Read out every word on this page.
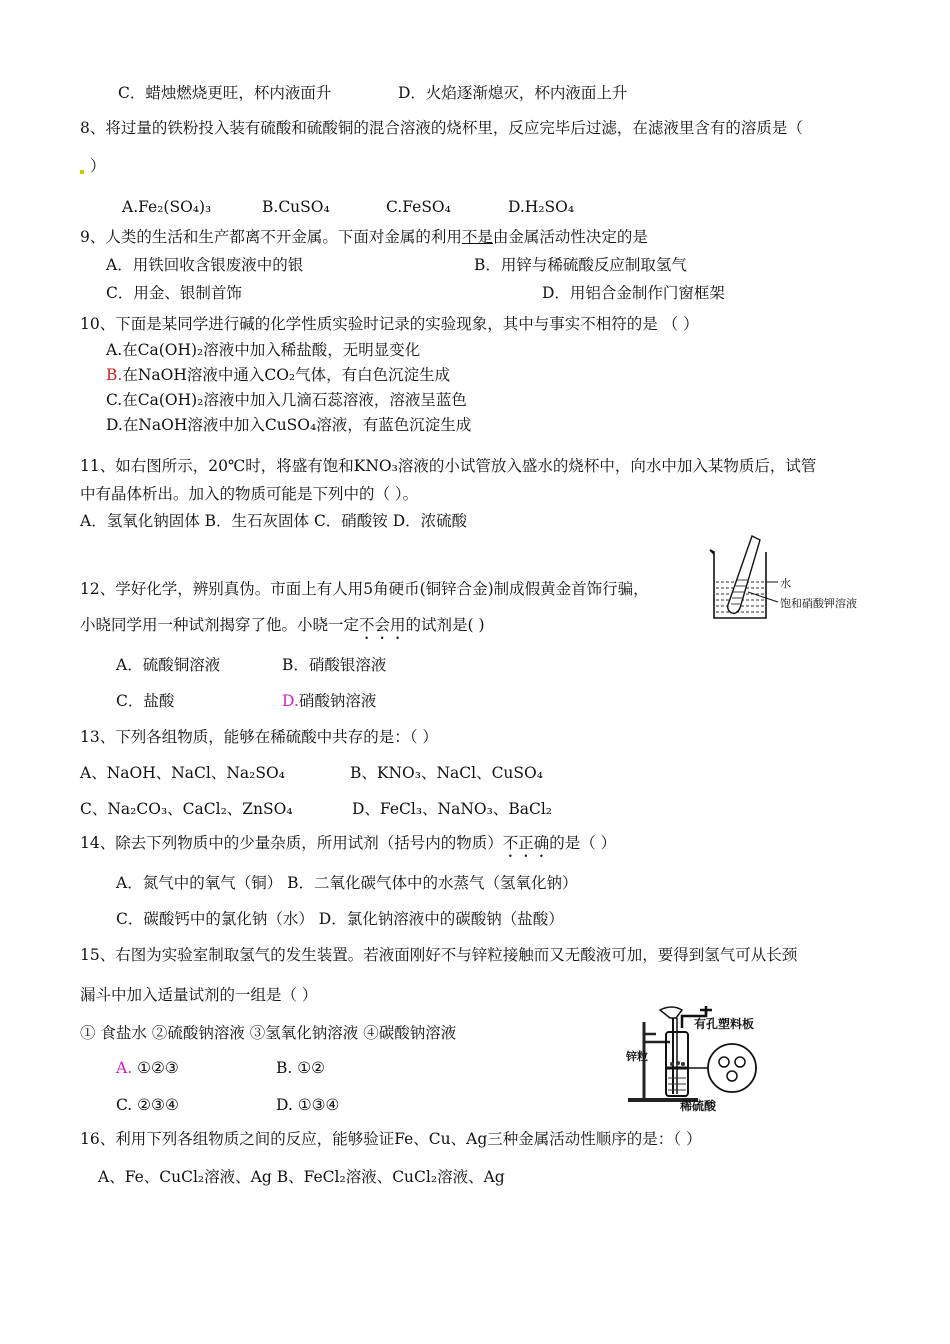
C．蜡烛燃烧更旺，杯内液面升	D．火焰逐渐熄灭，杯内液面上升
8、将过量的铁粉投入装有硫酸和硫酸铜的混合溶液的烧杯里，反应完毕后过滤，在滤液里含有的溶质是（
）
A.Fe₂(SO₄)₃	B.CuSO₄	C.FeSO₄	D.H₂SO₄
9、人类的生活和生产都离不开金属。下面对金属的利用不是由金属活动性决定的是
A．用铁回收含银废液中的银	B．用锌与稀硫酸反应制取氢气
C．用金、银制首饰	D．用铝合金制作门窗框架
10、下面是某同学进行碱的化学性质实验时记录的实验现象，其中与事实不相符的是 （ ）
A.在Ca(OH)₂溶液中加入稀盐酸，无明显变化
B.在NaOH溶液中通入CO₂气体，有白色沉淀生成
C.在Ca(OH)₂溶液中加入几滴石蕊溶液，溶液呈蓝色
D.在NaOH溶液中加入CuSO₄溶液，有蓝色沉淀生成
11、如右图所示，20℃时，将盛有饱和KNO₃溶液的小试管放入盛水的烧杯中，向水中加入某物质后，试管
中有晶体析出。加入的物质可能是下列中的（ ）。
A．氢氧化钠固体 B．生石灰固体 C．硝酸铵 D．浓硫酸
12、学好化学，辨别真伪。市面上有人用5角硬币(铜锌合金)制成假黄金首饰行骗，
小晓同学用一种试剂揭穿了他。小晓一定不会用的试剂是( )
A．硫酸铜溶液	B．硝酸银溶液
C．盐酸	D.硝酸钠溶液
水
饱和硝酸钾溶液
13、下列各组物质，能够在稀硫酸中共存的是：（ ）
A、NaOH、NaCl、Na₂SO₄	B、KNO₃、NaCl、CuSO₄
C、Na₂CO₃、CaCl₂、ZnSO₄	D、FeCl₃、NaNO₃、BaCl₂
14、除去下列物质中的少量杂质，所用试剂（括号内的物质）不正确的是（ ）
A．氮气中的氧气（铜） B．二氧化碳气体中的水蒸气（氢氧化钠）
C．碳酸钙中的氯化钠（水） D．氯化钠溶液中的碳酸钠（盐酸）
15、右图为实验室制取氢气的发生装置。若液面刚好不与锌粒接触而又无酸液可加，要得到氢气可从长颈
漏斗中加入适量试剂的一组是（ ）
① 食盐水 ②硫酸钠溶液 ③氢氧化钠溶液 ④碳酸钠溶液
A. ①②③	B. ①②
C. ②③④	D. ①③④
有孔塑料板
锌粒
稀硫酸
16、利用下列各组物质之间的反应，能够验证Fe、Cu、Ag三种金属活动性顺序的是：（ ）
A、Fe、CuCl₂溶液、Ag B、FeCl₂溶液、CuCl₂溶液、Ag
